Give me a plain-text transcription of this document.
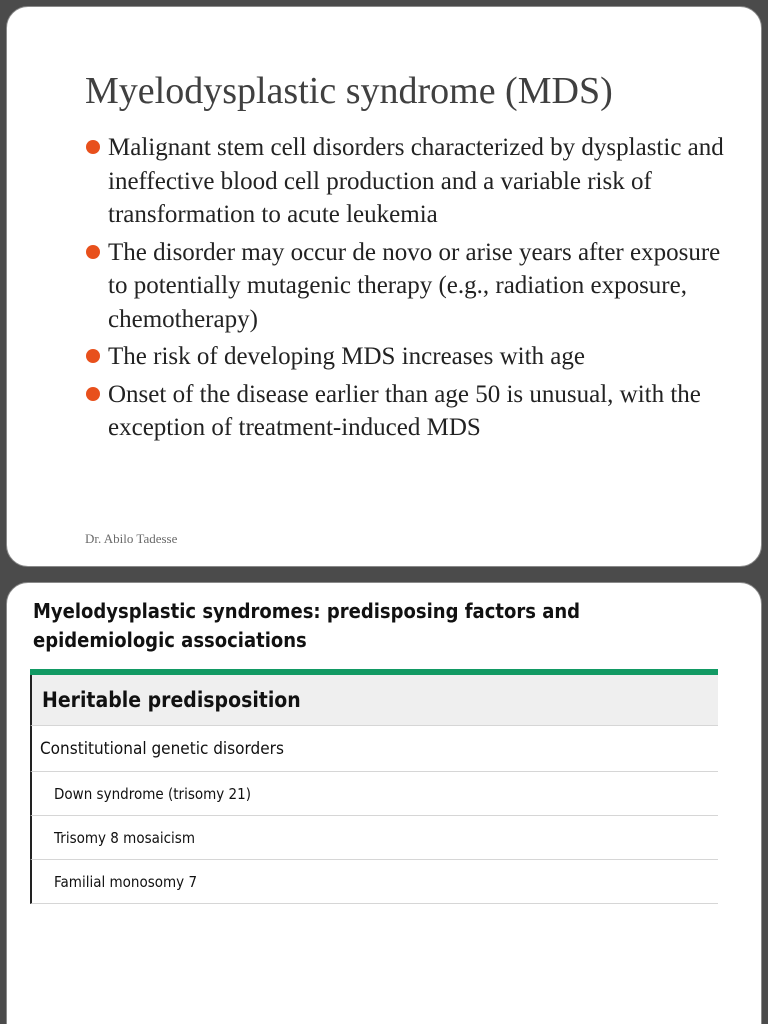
Myelodysplastic syndrome (MDS)
Malignant stem cell disorders characterized by dysplastic and ineffective blood cell production and a variable risk of transformation to acute leukemia
The disorder may occur de novo or arise years after exposure to potentially mutagenic therapy (e.g., radiation exposure, chemotherapy)
The risk of developing MDS increases with age
Onset of the disease earlier than age 50 is unusual, with the exception of treatment-induced MDS
Dr. Abilo Tadesse
Myelodysplastic syndromes: predisposing factors and epidemiologic associations
Heritable predisposition
Constitutional genetic disorders
Down syndrome (trisomy 21)
Trisomy 8 mosaicism
Familial monosomy 7
